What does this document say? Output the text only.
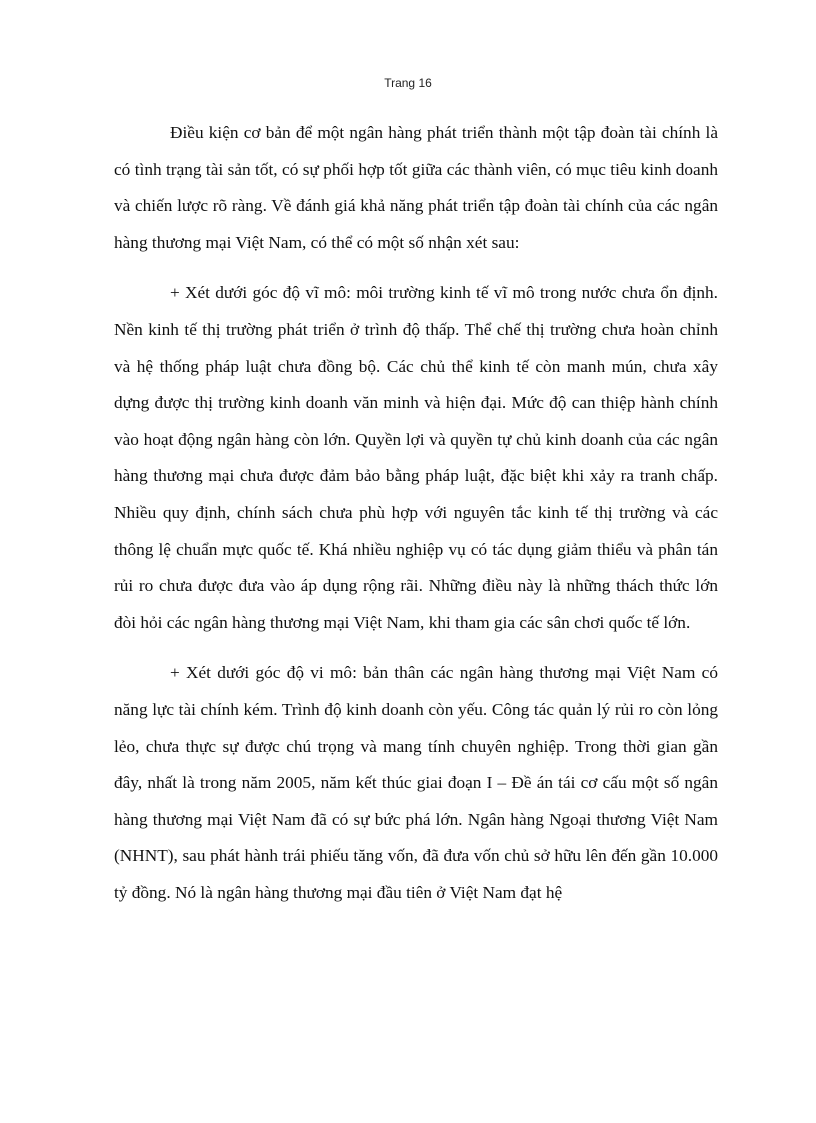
Trang 16

Điều kiện cơ bản để một ngân hàng phát triển thành một tập đoàn tài chính là có tình trạng tài sản tốt, có sự phối hợp tốt giữa các thành viên, có mục tiêu kinh doanh và chiến lược rõ ràng. Về đánh giá khả năng phát triển tập đoàn tài chính của các ngân hàng thương mại Việt Nam, có thể có một số nhận xét sau:

+ Xét dưới góc độ vĩ mô: môi trường kinh tế vĩ mô trong nước chưa ổn định. Nền kinh tế thị trường phát triển ở trình độ thấp. Thể chế thị trường chưa hoàn chỉnh và hệ thống pháp luật chưa đồng bộ. Các chủ thể kinh tế còn manh mún, chưa xây dựng được thị trường kinh doanh văn minh và hiện đại. Mức độ can thiệp hành chính vào hoạt động ngân hàng còn lớn. Quyền lợi và quyền tự chủ kinh doanh của các ngân hàng thương mại chưa được đảm bảo bằng pháp luật, đặc biệt khi xảy ra tranh chấp. Nhiều quy định, chính sách chưa phù hợp với nguyên tắc kinh tế thị trường và các thông lệ chuẩn mực quốc tế. Khá nhiều nghiệp vụ có tác dụng giảm thiểu và phân tán rủi ro chưa được đưa vào áp dụng rộng rãi. Những điều này là những thách thức lớn đòi hỏi các ngân hàng thương mại Việt Nam, khi tham gia các sân chơi quốc tế lớn.

+ Xét dưới góc độ vi mô: bản thân các ngân hàng thương mại Việt Nam có năng lực tài chính kém. Trình độ kinh doanh còn yếu. Công tác quản lý rủi ro còn lỏng lẻo, chưa thực sự được chú trọng và mang tính chuyên nghiệp. Trong thời gian gần đây, nhất là trong năm 2005, năm kết thúc giai đoạn I – Đề án tái cơ cấu một số ngân hàng thương mại Việt Nam đã có sự bức phá lớn. Ngân hàng Ngoại thương Việt Nam (NHNT), sau phát hành trái phiếu tăng vốn, đã đưa vốn chủ sở hữu lên đến gần 10.000 tỷ đồng. Nó là ngân hàng thương mại đầu tiên ở Việt Nam đạt hệ
